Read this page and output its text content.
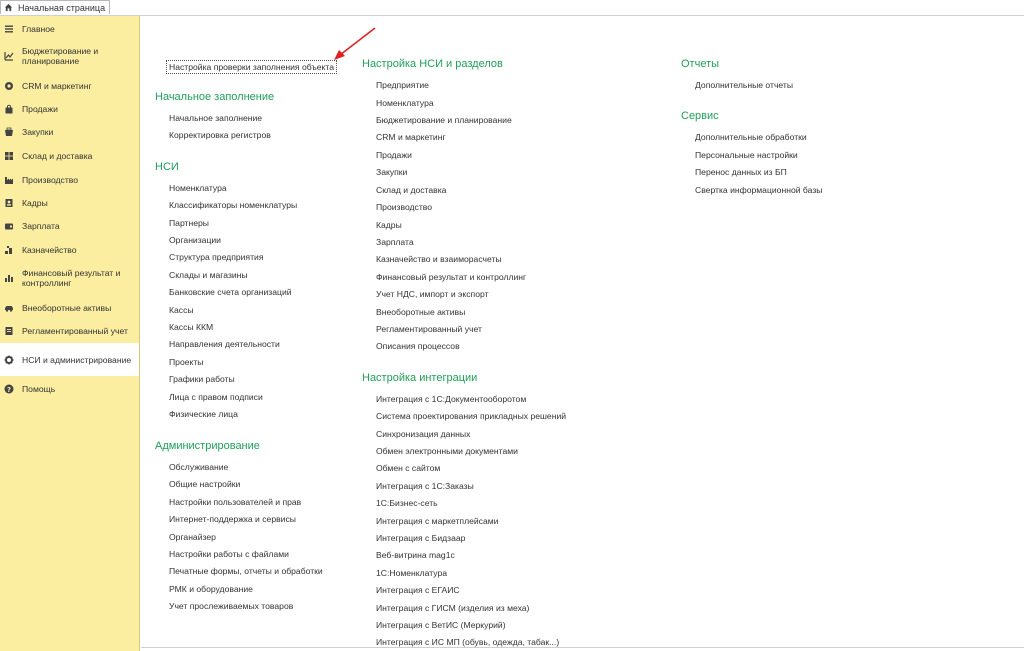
Начальная страница
Главное
Бюджетирование и планирование
CRM и маркетинг
Продажи
Закупки
Склад и доставка
Производство
Кадры
Зарплата
Казначейство
Финансовый результат и контроллинг
Внеоборотные активы
Регламентированный учет
НСИ и администрирование
? Помощь
Настройка проверки заполнения объекта
Начальное заполнение
Начальное заполнение
Корректировка регистров
НСИ
Номенклатура
Классификаторы номенклатуры
Партнеры
Организации
Структура предприятия
Склады и магазины
Банковские счета организаций
Кассы
Кассы ККМ
Направления деятельности
Проекты
Графики работы
Лица с правом подписи
Физические лица
Администрирование
Обслуживание
Общие настройки
Настройки пользователей и прав
Интернет-поддержка и сервисы
Органайзер
Настройки работы с файлами
Печатные формы, отчеты и обработки
РМК и оборудование
Учет прослеживаемых товаров
Настройка НСИ и разделов
Предприятие
Номенклатура
Бюджетирование и планирование
CRM и маркетинг
Продажи
Закупки
Склад и доставка
Производство
Кадры
Зарплата
Казначейство и взаиморасчеты
Финансовый результат и контроллинг
Учет НДС, импорт и экспорт
Внеоборотные активы
Регламентированный учет
Описания процессов
Настройка интеграции
Интеграция с 1С:Документооборотом
Система проектирования прикладных решений
Синхронизация данных
Обмен электронными документами
Обмен с сайтом
Интеграция с 1С:Заказы
1С:Бизнес-сеть
Интеграция с маркетплейсами
Интеграция с Бидзаар
Веб-витрина mag1c
1С:Номенклатура
Интеграция с ЕГАИС
Интеграция с ГИСМ (изделия из меха)
Интеграция с ВетИС (Меркурий)
Интеграция с ИС МП (обувь, одежда, табак...)
Отчеты
Дополнительные отчеты
Сервис
Дополнительные обработки
Персональные настройки
Перенос данных из БП
Свертка информационной базы
